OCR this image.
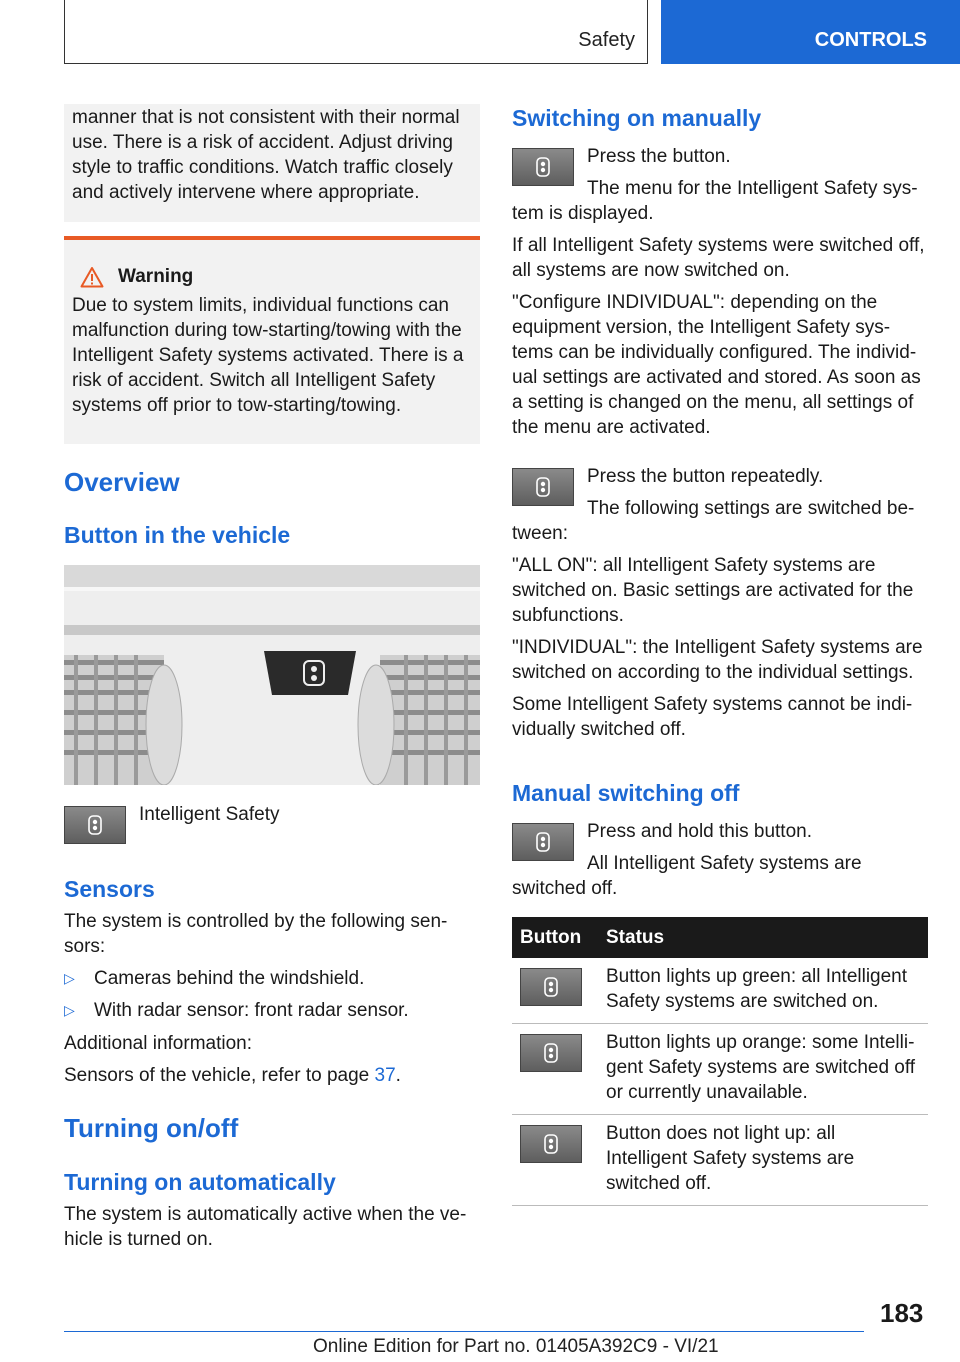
Safety	CONTROLS

manner that is not consistent with their normal use. There is a risk of accident. Adjust driving style to traffic conditions. Watch traffic closely and actively intervene where appropriate.

Warning

Due to system limits, individual functions can malfunction during tow-starting/towing with the Intelligent Safety systems activated. There is a risk of accident. Switch all Intelligent Safety systems off prior to tow-starting/towing.

Overview
Button in the vehicle

Intelligent Safety

Sensors

The system is controlled by the following sen-sors:

▷ Cameras behind the windshield.
▷ With radar sensor: front radar sensor.

Additional information:

Sensors of the vehicle, refer to page 37.

Turning on/off
Turning on automatically

The system is automatically active when the ve-hicle is turned on.

Switching on manually

Press the button.

The menu for the Intelligent Safety sys-tem is displayed.

If all Intelligent Safety systems were switched off, all systems are now switched on.

"Configure INDIVIDUAL": depending on the equipment version, the Intelligent Safety sys-tems can be individually configured. The individ-ual settings are activated and stored. As soon as a setting is changed on the menu, all settings of the menu are activated.

Press the button repeatedly.

The following settings are switched be-tween:

"ALL ON": all Intelligent Safety systems are switched on. Basic settings are activated for the subfunctions.

"INDIVIDUAL": the Intelligent Safety systems are switched on according to the individual settings.

Some Intelligent Safety systems cannot be indi-vidually switched off.

Manual switching off

Press and hold this button.

All Intelligent Safety systems are switched off.

Button	Status

	Button lights up green: all Intelligent Safety systems are switched on.

	Button lights up orange: some Intelli-gent Safety systems are switched off or currently unavailable.

	Button does not light up: all Intelligent Safety systems are switched off.
183
Online Edition for Part no. 01405A392C9 - VI/21
